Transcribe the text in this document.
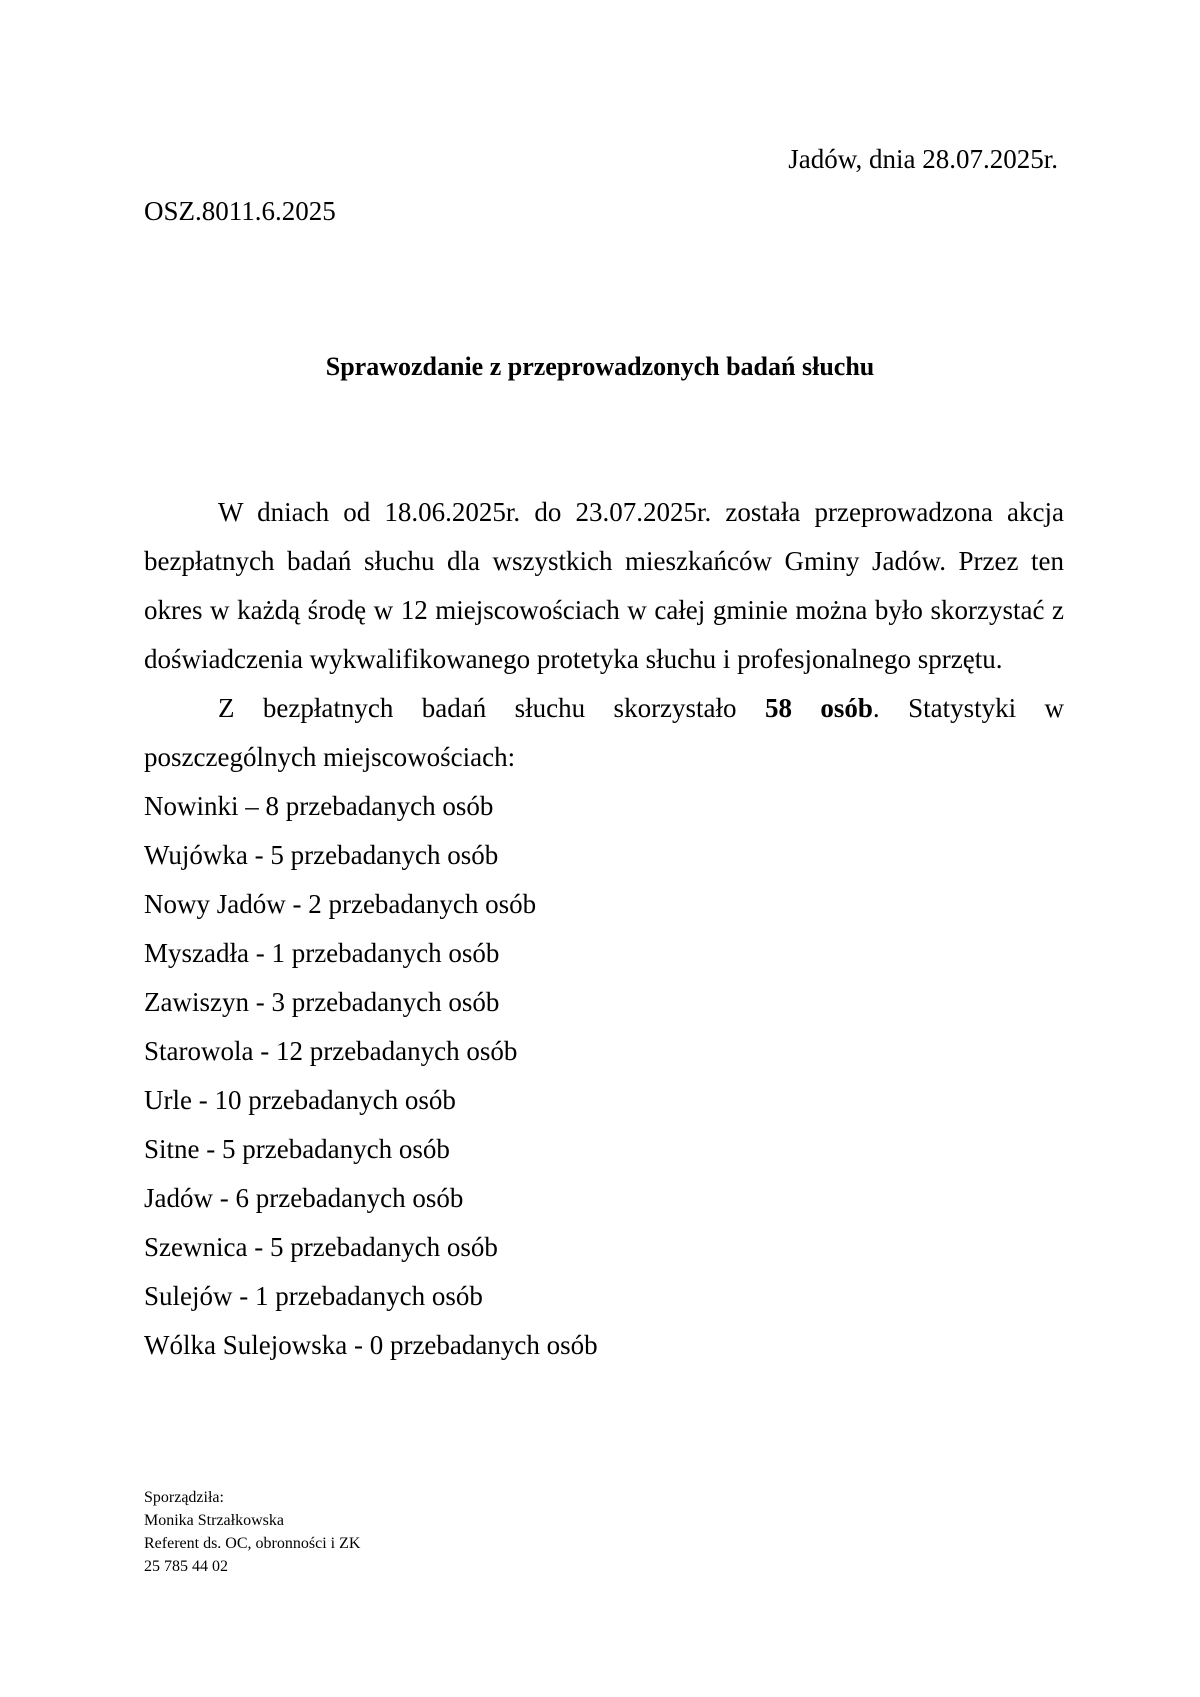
Jadów, dnia 28.07.2025r.
OSZ.8011.6.2025
Sprawozdanie z przeprowadzonych badań słuchu

W dniach od 18.06.2025r. do 23.07.2025r. została przeprowadzona akcja bezpłatnych badań słuchu dla wszystkich mieszkańców Gminy Jadów. Przez ten okres w każdą środę w 12 miejscowościach w całej gminie można było skorzystać z doświadczenia wykwalifikowanego protetyka słuchu i profesjonalnego sprzętu.

Z bezpłatnych badań słuchu skorzystało 58 osób. Statystyki w poszczególnych miejscowościach:

Nowinki – 8 przebadanych osób
Wujówka - 5 przebadanych osób
Nowy Jadów - 2 przebadanych osób
Myszadła - 1 przebadanych osób
Zawiszyn - 3 przebadanych osób
Starowola - 12 przebadanych osób
Urle - 10 przebadanych osób
Sitne - 5 przebadanych osób
Jadów - 6 przebadanych osób
Szewnica - 5 przebadanych osób
Sulejów - 1 przebadanych osób
Wólka Sulejowska - 0 przebadanych osób
Sporządziła:
Monika Strzałkowska
Referent ds. OC, obronności i ZK
25 785 44 02
